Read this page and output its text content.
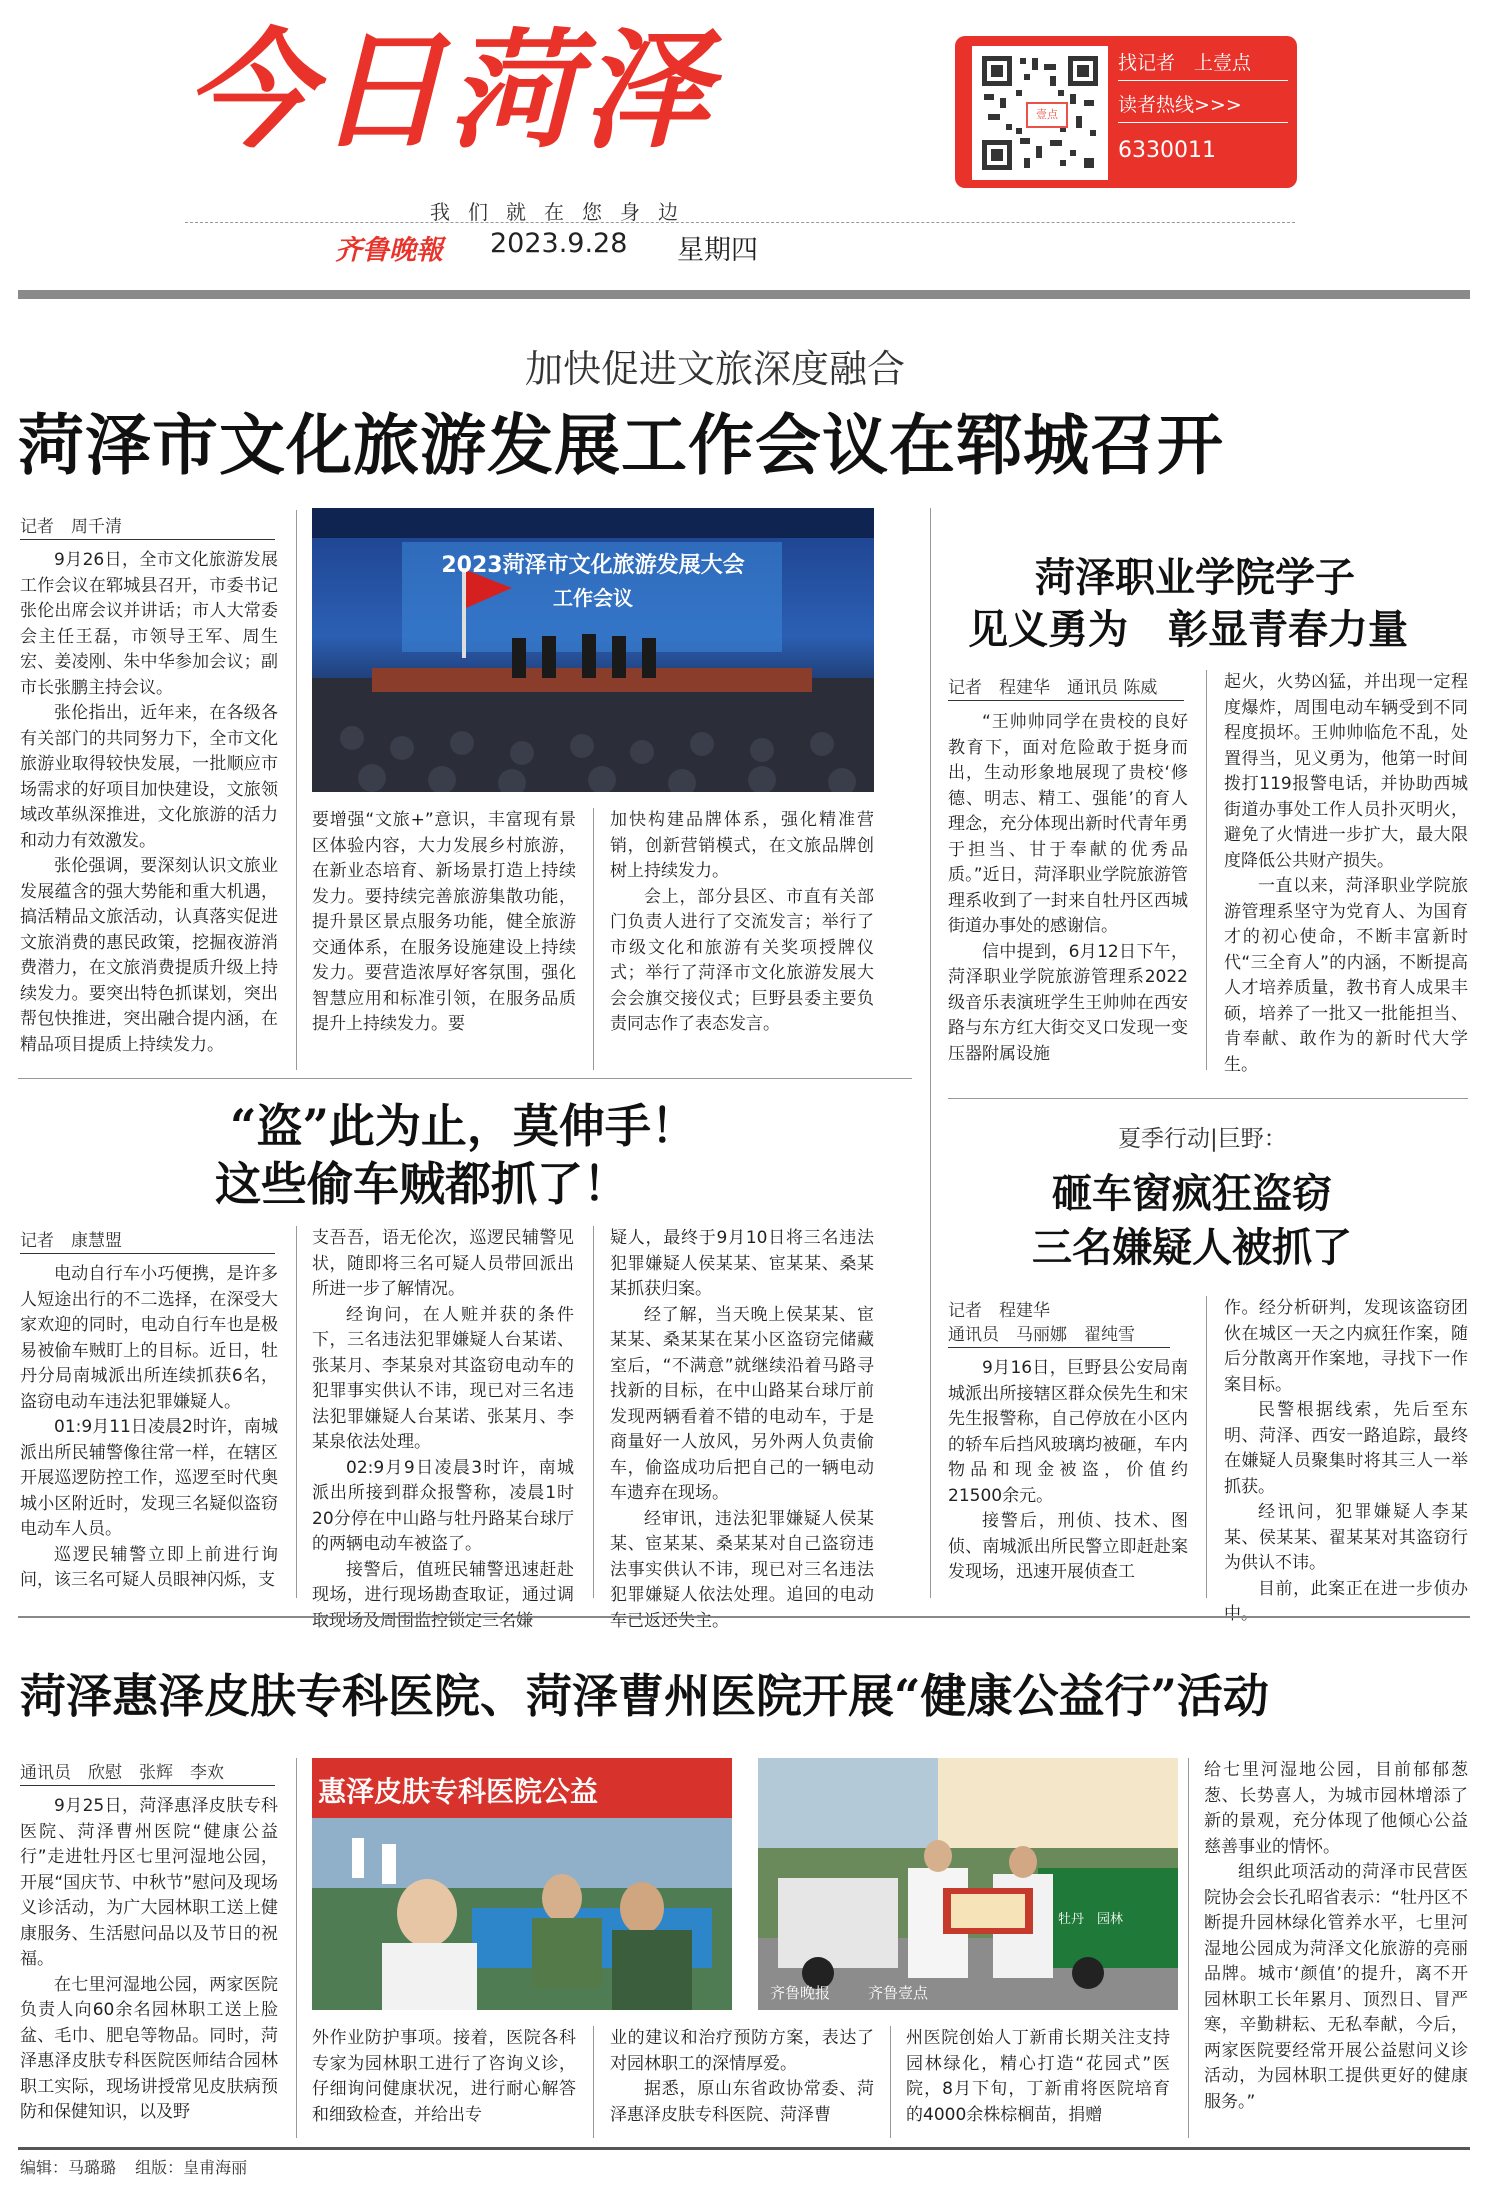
今日菏泽
我们就在您身边
齐鲁晚報 2023.9.28 星期四
壹点
找记者　上壹点
读者热线>>>
6330011
加快促进文旅深度融合
菏泽市文化旅游发展工作会议在郓城召开
记者　周千清

9月26日，全市文化旅游发展工作会议在郓城县召开，市委书记张伦出席会议并讲话；市人大常委会主任王磊，市领导王军、周生宏、姜凌刚、朱中华参加会议；副市长张鹏主持会议。

张伦指出，近年来，在各级各有关部门的共同努力下，全市文化旅游业取得较快发展，一批顺应市场需求的好项目加快建设，文旅领域改革纵深推进，文化旅游的活力和动力有效激发。

张伦强调，要深刻认识文旅业发展蕴含的强大势能和重大机遇，搞活精品文旅活动，认真落实促进文旅消费的惠民政策，挖掘夜游消费潜力，在文旅消费提质升级上持续发力。要突出特色抓谋划，突出帮包快推进，突出融合提内涵，在精品项目提质上持续发力。

2023菏泽市文化旅游发展大会
工作会议

要增强“文旅+”意识，丰富现有景区体验内容，大力发展乡村旅游，在新业态培育、新场景打造上持续发力。要持续完善旅游集散功能，提升景区景点服务功能，健全旅游交通体系，在服务设施建设上持续发力。要营造浓厚好客氛围，强化智慧应用和标准引领，在服务品质提升上持续发力。要

加快构建品牌体系，强化精准营销，创新营销模式，在文旅品牌创树上持续发力。

会上，部分县区、市直有关部门负责人进行了交流发言；举行了市级文化和旅游有关奖项授牌仪式；举行了菏泽市文化旅游发展大会会旗交接仪式；巨野县委主要负责同志作了表态发言。

菏泽职业学院学子
见义勇为　彰显青春力量
记者　程建华　通讯员 陈威

“王帅帅同学在贵校的良好教育下，面对危险敢于挺身而出，生动形象地展现了贵校‘修德、明志、精工、强能’的育人理念，充分体现出新时代青年勇于担当、甘于奉献的优秀品质。”近日，菏泽职业学院旅游管理系收到了一封来自牡丹区西城街道办事处的感谢信。

信中提到，6月12日下午，菏泽职业学院旅游管理系2022级音乐表演班学生王帅帅在西安路与东方红大街交叉口发现一变压器附属设施

起火，火势凶猛，并出现一定程度爆炸，周围电动车辆受到不同程度损坏。王帅帅临危不乱，处置得当，见义勇为，他第一时间拨打119报警电话，并协助西城街道办事处工作人员扑灭明火，避免了火情进一步扩大，最大限度降低公共财产损失。

一直以来，菏泽职业学院旅游管理系坚守为党育人、为国育才的初心使命，不断丰富新时代“三全育人”的内涵，不断提高人才培养质量，教书育人成果丰硕，培养了一批又一批能担当、肯奉献、敢作为的新时代大学生。

“盗”此为止，莫伸手！
这些偷车贼都抓了！
记者　康慧盟

电动自行车小巧便携，是许多人短途出行的不二选择，在深受大家欢迎的同时，电动自行车也是极易被偷车贼盯上的目标。近日，牡丹分局南城派出所连续抓获6名，盗窃电动车违法犯罪嫌疑人。

01:9月11日凌晨2时许，南城派出所民辅警像往常一样，在辖区开展巡逻防控工作，巡逻至时代奥城小区附近时，发现三名疑似盗窃电动车人员。

巡逻民辅警立即上前进行询问，该三名可疑人员眼神闪烁，支

支吾吾，语无伦次，巡逻民辅警见状，随即将三名可疑人员带回派出所进一步了解情况。

经询问，在人赃并获的条件下，三名违法犯罪嫌疑人台某诺、张某月、李某泉对其盗窃电动车的犯罪事实供认不讳，现已对三名违法犯罪嫌疑人台某诺、张某月、李某泉依法处理。

02:9月9日凌晨3时许，南城派出所接到群众报警称，凌晨1时20分停在中山路与牡丹路某台球厅的两辆电动车被盗了。

接警后，值班民辅警迅速赶赴现场，进行现场勘查取证，通过调取现场及周围监控锁定三名嫌

疑人，最终于9月10日将三名违法犯罪嫌疑人侯某某、宦某某、桑某某抓获归案。

经了解，当天晚上侯某某、宦某某、桑某某在某小区盗窃完储藏室后，“不满意”就继续沿着马路寻找新的目标，在中山路某台球厅前发现两辆看着不错的电动车，于是商量好一人放风，另外两人负责偷车，偷盗成功后把自己的一辆电动车遗弃在现场。

经审讯，违法犯罪嫌疑人侯某某、宦某某、桑某某对自己盗窃违法事实供认不讳，现已对三名违法犯罪嫌疑人依法处理。追回的电动车已返还失主。

夏季行动|巨野：
砸车窗疯狂盗窃
三名嫌疑人被抓了
记者　程建华
通讯员　马丽娜　翟纯雪

9月16日，巨野县公安局南城派出所接辖区群众侯先生和宋先生报警称，自己停放在小区内的轿车后挡风玻璃均被砸，车内物品和现金被盗，价值约21500余元。

接警后，刑侦、技术、图侦、南城派出所民警立即赶赴案发现场，迅速开展侦查工

作。经分析研判，发现该盗窃团伙在城区一天之内疯狂作案，随后分散离开作案地，寻找下一作案目标。

民警根据线索，先后至东明、菏泽、西安一路追踪，最终在嫌疑人员聚集时将其三人一举抓获。

经讯问，犯罪嫌疑人李某某、侯某某、翟某某对其盗窃行为供认不讳。

目前，此案正在进一步侦办中。

菏泽惠泽皮肤专科医院、菏泽曹州医院开展“健康公益行”活动
通讯员　欣慰　张辉　李欢

9月25日，菏泽惠泽皮肤专科医院、菏泽曹州医院“健康公益行”走进牡丹区七里河湿地公园，开展“国庆节、中秋节”慰问及现场义诊活动，为广大园林职工送上健康服务、生活慰问品以及节日的祝福。

在七里河湿地公园，两家医院负责人向60余名园林职工送上脸盆、毛巾、肥皂等物品。同时，菏泽惠泽皮肤专科医院医师结合园林职工实际，现场讲授常见皮肤病预防和保健知识，以及野

惠泽皮肤专科医院公益
牡丹　园林
齐鲁晚报	齐鲁壹点

外作业防护事项。接着，医院各科专家为园林职工进行了咨询义诊，仔细询问健康状况，进行耐心解答和细致检查，并给出专

业的建议和治疗预防方案，表达了对园林职工的深情厚爱。

据悉，原山东省政协常委、菏泽惠泽皮肤专科医院、菏泽曹

州医院创始人丁新甫长期关注支持园林绿化，精心打造“花园式”医院，8月下旬，丁新甫将医院培育的4000余株棕榈苗，捐赠

给七里河湿地公园，目前郁郁葱葱、长势喜人，为城市园林增添了新的景观，充分体现了他倾心公益慈善事业的情怀。

组织此项活动的菏泽市民营医院协会会长孔昭省表示：“牡丹区不断提升园林绿化管养水平，七里河湿地公园成为菏泽文化旅游的亮丽品牌。城市‘颜值’的提升，离不开园林职工长年累月、顶烈日、冒严寒，辛勤耕耘、无私奉献，今后，两家医院要经常开展公益慰问义诊活动，为园林职工提供更好的健康服务。”

编辑：马璐璐 组版：皇甫海丽
